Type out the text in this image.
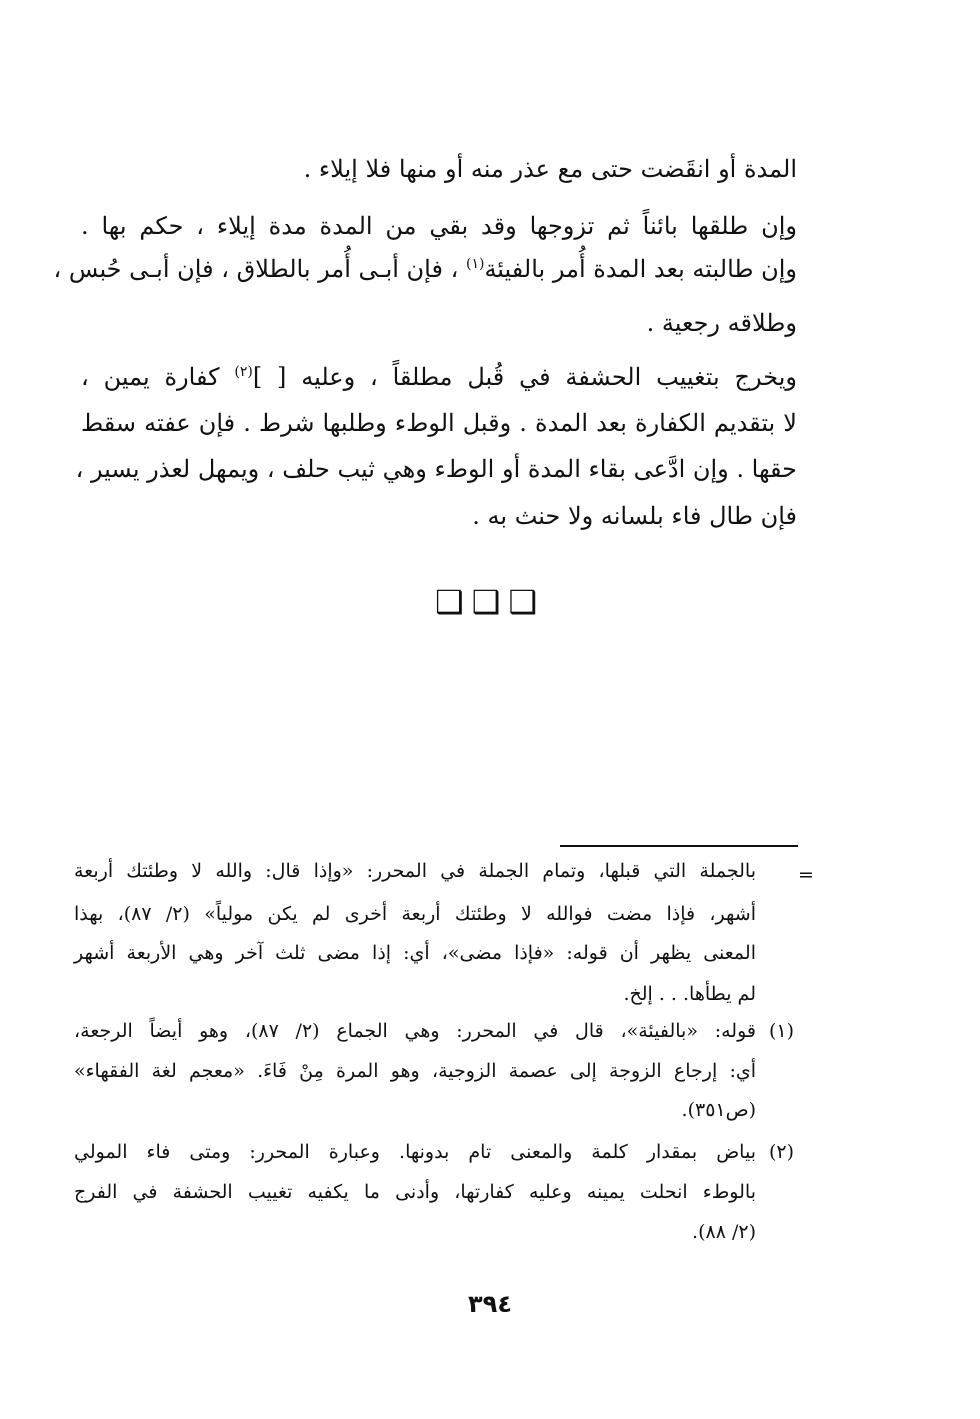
المدة أو انقَضت حتى مع عذر منه أو منها فلا إيلاء .
وإن طلقها بائناً ثم تزوجها وقد بقي من المدة مدة إيلاء ، حكم بها .
وإن طالبته بعد المدة أُمر بالفيئة$^{(١)}$ ، فإن أبـى أُمر بالطلاق ، فإن أبـى حُبس ،
وطلاقه رجعية .
ويخرج بتغييب الحشفة في قُبل مطلقاً ، وعليه [ ]$^{(٢)}$ كفارة يمين ،
لا بتقديم الكفارة بعد المدة . وقبل الوطء وطلبها شرط . فإن عفته سقط
حقها . وإن ادَّعى بقاء المدة أو الوطء وهي ثيب حلف ، ويمهل لعذر يسير ،
فإن طال فاء بلسانه ولا حنث به .
❑❑❑
=
بالجملة التي قبلها، وتمام الجملة في المحرر: «وإذا قال: والله لا وطئتك أربعة
أشهر، فإذا مضت فوالله لا وطئتك أربعة أخرى لم يكن مولياً» (٢/ ٨٧)، بهذا
المعنى يظهر أن قوله: «فإذا مضى»، أي: إذا مضى ثلث آخر وهي الأربعة أشهر
لم يطأها. . . إلخ.
(١)
قوله: «بالفيئة»، قال في المحرر: وهي الجماع (٢/ ٨٧)، وهو أيضاً الرجعة،
أي: إرجاع الزوجة إلى عصمة الزوجية، وهو المرة مِنْ فَاءَ. «معجم لغة الفقهاء»
(ص٣٥١).
(٢)
بياض بمقدار كلمة والمعنى تام بدونها. وعبارة المحرر: ومتى فاء المولي
بالوطء انحلت يمينه وعليه كفارتها، وأدنى ما يكفيه تغييب الحشفة في الفرج
(٢/ ٨٨).
٣٩٤
